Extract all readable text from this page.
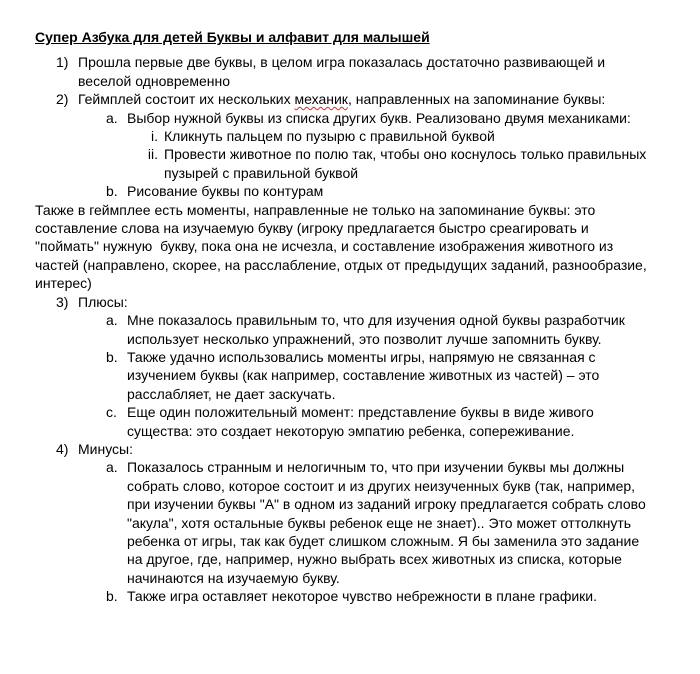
Супер Азбука для детей Буквы и алфавит для малышей
1) Прошла первые две буквы, в целом игра показалась достаточно развивающей и веселой одновременно
2) Геймплей состоит их нескольких механик, направленных на запоминание буквы:
a. Выбор нужной буквы из списка других букв. Реализовано двумя механиками:
i. Кликнуть пальцем по пузырю с правильной буквой
ii. Провести животное по полю так, чтобы оно коснулось только правильных пузырей с правильной буквой
b. Рисование буквы по контурам
Также в геймплее есть моменты, направленные не только на запоминание буквы: это составление слова на изучаемую букву (игроку предлагается быстро среагировать и "поймать" нужную  букву, пока она не исчезла, и составление изображения животного из частей (направлено, скорее, на расслабление, отдых от предыдущих заданий, разнообразие, интерес)
3) Плюсы:
a. Мне показалось правильным то, что для изучения одной буквы разработчик использует несколько упражнений, это позволит лучше запомнить букву.
b. Также удачно использовались моменты игры, напрямую не связанная с изучением буквы (как например, составление животных из частей) – это расслабляет, не дает заскучать.
c. Еще один положительный момент: представление буквы в виде живого существа: это создает некоторую эмпатию ребенка, сопереживание.
4) Минусы:
a. Показалось странным и нелогичным то, что при изучении буквы мы должны собрать слово, которое состоит и из других неизученных букв (так, например, при изучении буквы "А" в одном из заданий игроку предлагается собрать слово "акула", хотя остальные буквы ребенок еще не знает).. Это может оттолкнуть ребенка от игры, так как будет слишком сложным. Я бы заменила это задание на другое, где, например, нужно выбрать всех животных из списка, которые начинаются на изучаемую букву.
b. Также игра оставляет некоторое чувство небрежности в плане графики.
